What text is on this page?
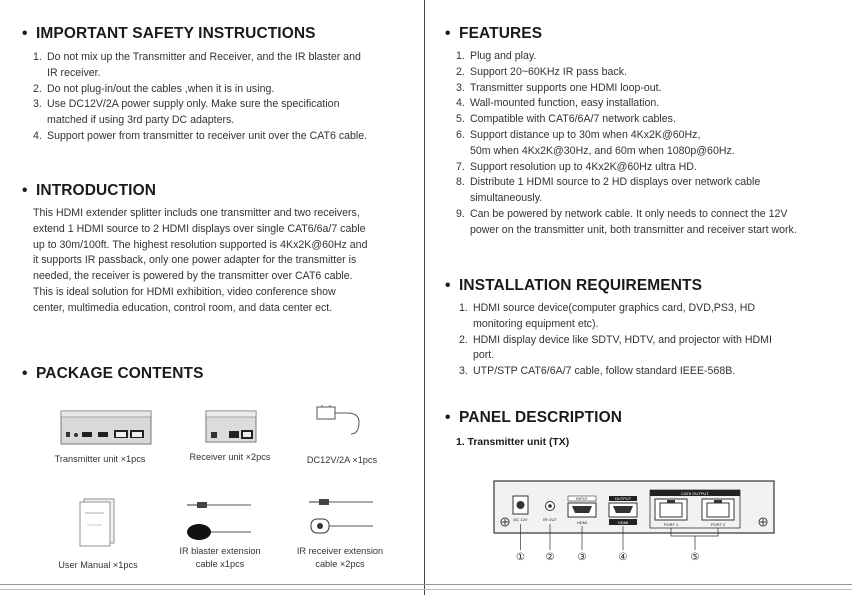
• IMPORTANT SAFETY INSTRUCTIONS
1. Do not mix up the Transmitter and Receiver, and the IR blaster and
IR receiver.
2. Do not plug-in/out the cables ,when it is in using.
3. Use DC12V/2A power supply only. Make sure the specification
matched if using 3rd party DC adapters.
4. Support power from transmitter to receiver unit over the CAT6 cable.
• INTRODUCTION
This HDMI extender splitter includs one transmitter and two receivers,
extend 1 HDMI source to 2 HDMI displays over single CAT6/6a/7 cable
up to 30m/100ft. The highest resolution supported is 4Kx2K@60Hz and
it supports IR passback, only one power adapter for the transmitter is
needed, the receiver is powered by the transmitter over CAT6 cable.
This is ideal solution for HDMI exhibition, video conference show
center, multimedia education, control room, and data center ect.
• PACKAGE CONTENTS
Transmitter unit ×1pcs	Receiver unit ×2pcs	DC12V/2A ×1pcs
User Manual ×1pcs
IR blaster extension
cable x1pcs
IR receiver extension
cable ×2pcs
• FEATURES
1. Plug and play.
2. Support 20~60KHz IR pass back.
3. Transmitter supports one HDMI loop-out.
4. Wall-mounted function, easy installation.
5. Compatible with CAT6/6A/7 network cables.
6. Support distance up to 30m when 4Kx2K@60Hz,
50m when 4Kx2K@30Hz, and 60m when 1080p@60Hz.
7. Support resolution up to 4Kx2K@60Hz ultra HD.
8. Distribute 1 HDMI source to 2 HD displays over network cable
simultaneously.
9. Can be powered by network cable. It only needs to connect the 12V
power on the transmitter unit, both transmitter and receiver start work.
• INSTALLATION REQUIREMENTS
1. HDMI source device(computer graphics card, DVD,PS3, HD
monitoring equipment etc).
2. HDMI display device like SDTV, HDTV, and projector with HDMI
port.
3. UTP/STP CAT6/6A/7 cable, follow standard IEEE-568B.
• PANEL DESCRIPTION
1. Transmitter unit (TX)
DC 12V	IR OUT
INPUT
HDMI
OUTPUT
HDMI
CAT6 OUTPUT
PORT 1	PORT 2
① ② ③	④	⑤
